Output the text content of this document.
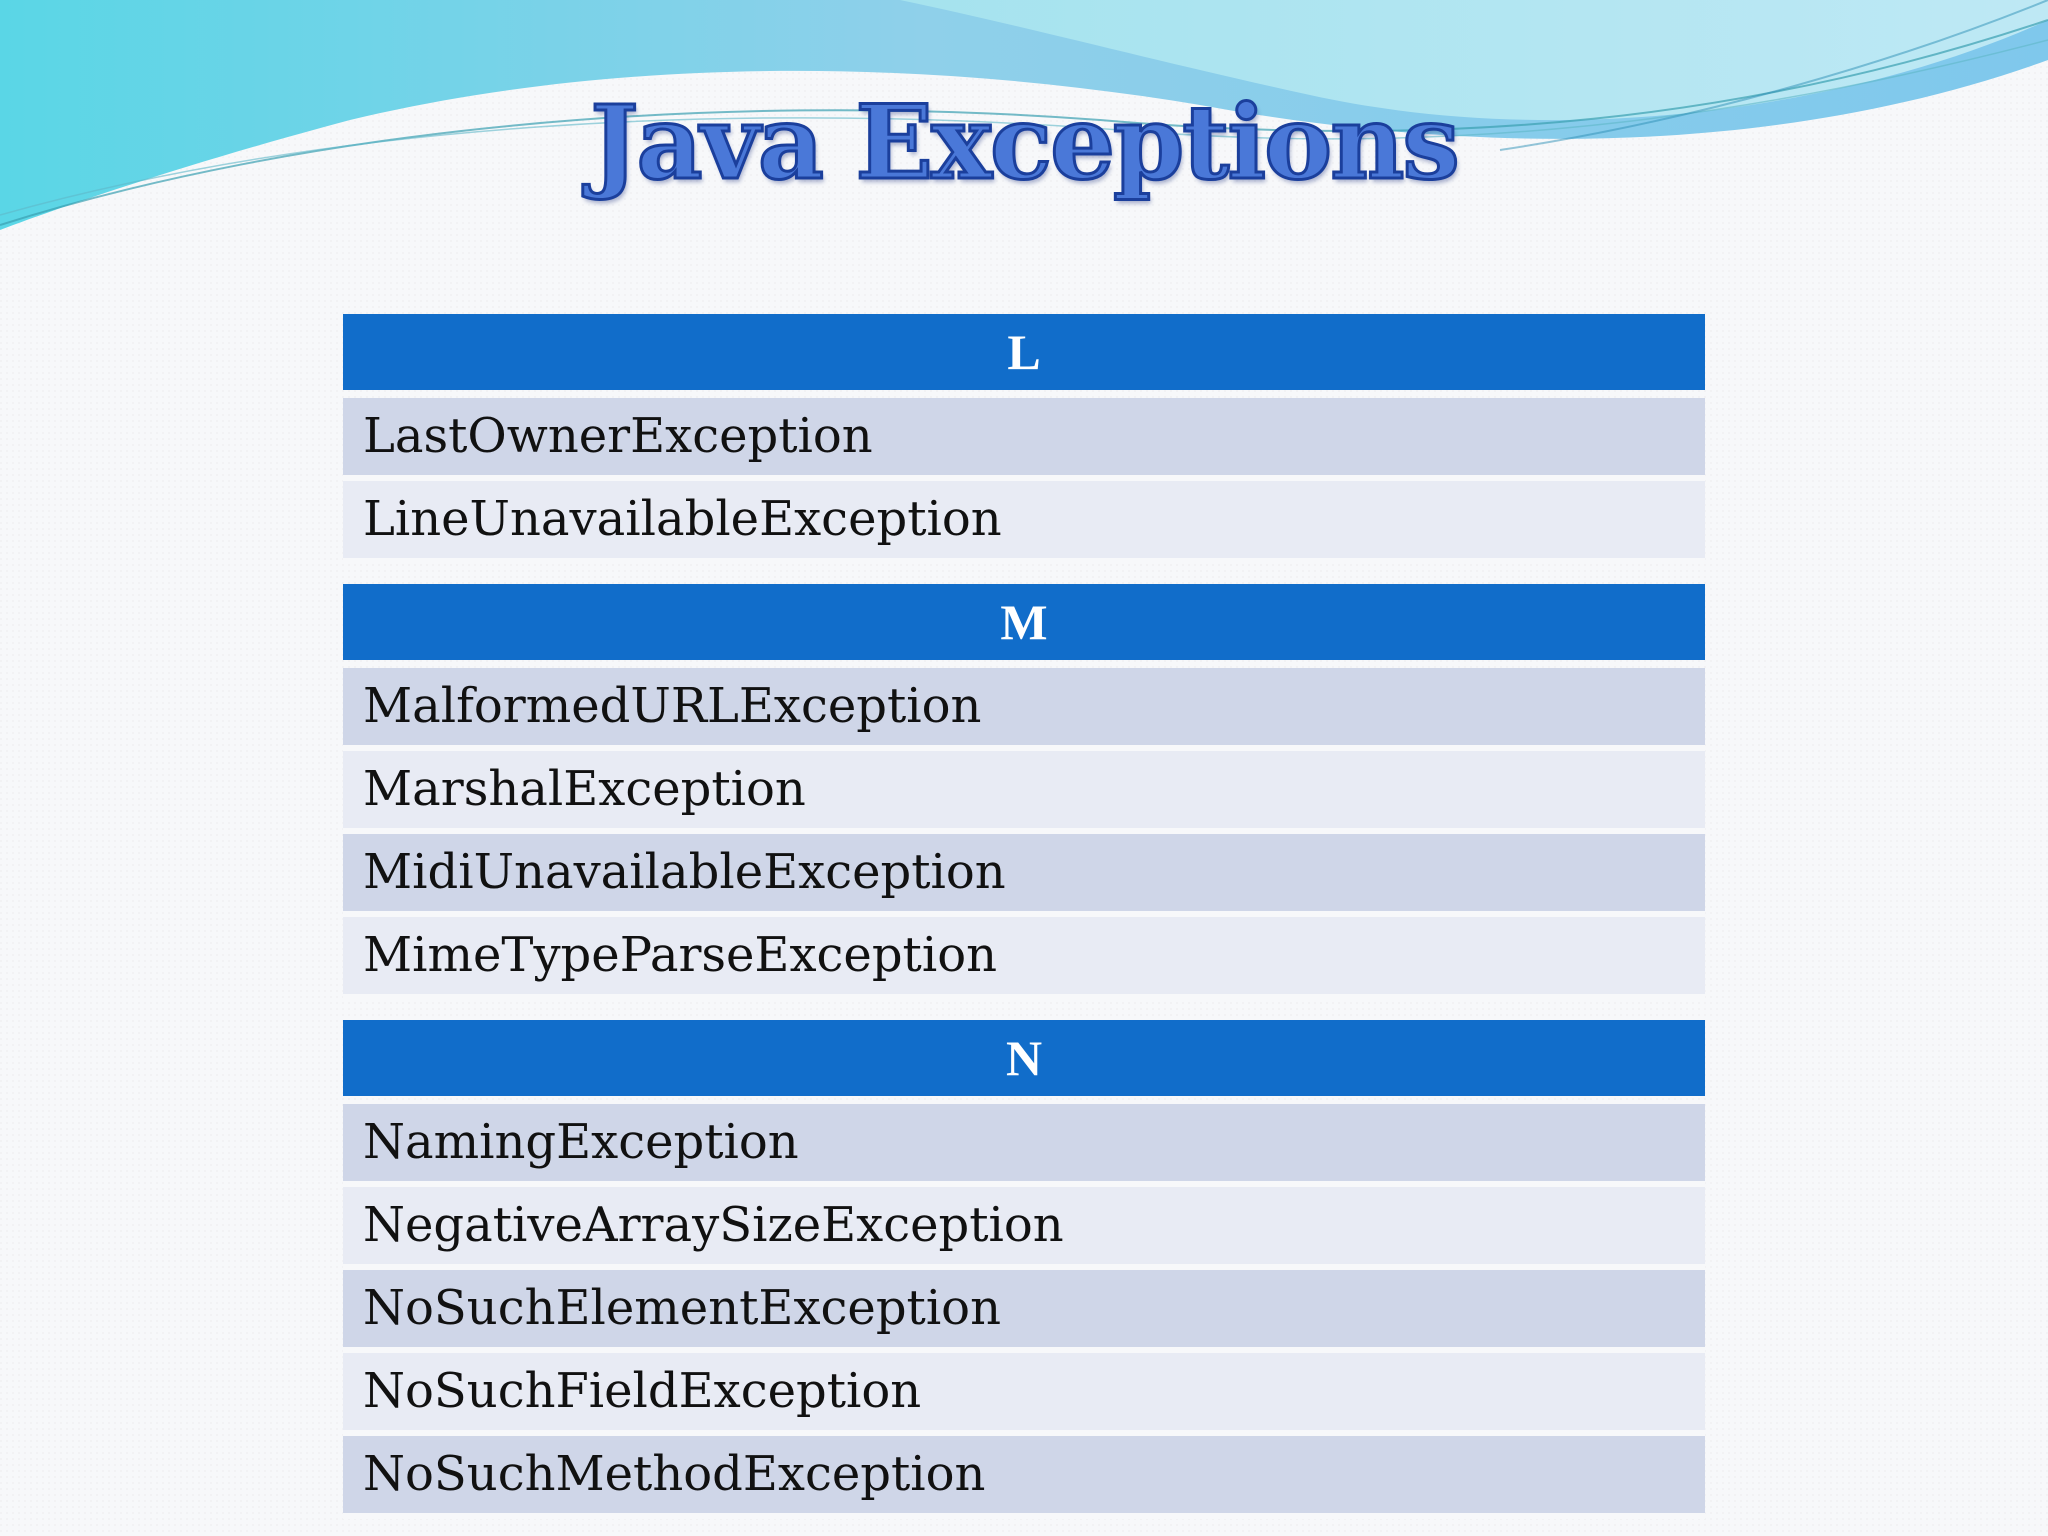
Java Exceptions
L
LastOwnerException
LineUnavailableException
M
MalformedURLException
MarshalException
MidiUnavailableException
MimeTypeParseException
N
NamingException
NegativeArraySizeException
NoSuchElementException
NoSuchFieldException
NoSuchMethodException
